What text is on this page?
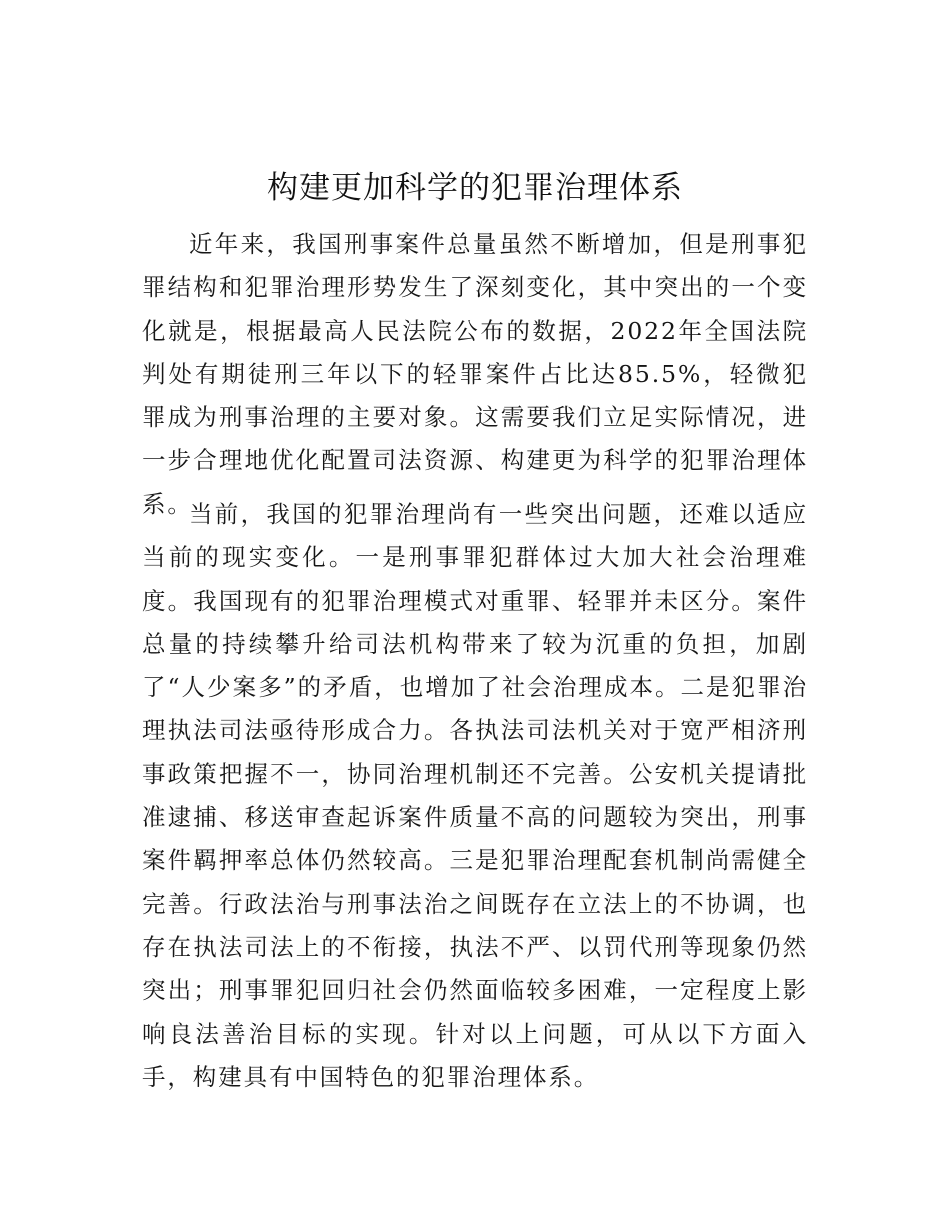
构建更加科学的犯罪治理体系

近年来，我国刑事案件总量虽然不断增加，但是刑事犯罪结构和犯罪治理形势发生了深刻变化，其中突出的一个变化就是，根据最高人民法院公布的数据，2022年全国法院判处有期徒刑三年以下的轻罪案件占比达85.5%，轻微犯罪成为刑事治理的主要对象。这需要我们立足实际情况，进一步合理地优化配置司法资源、构建更为科学的犯罪治理体系。

当前，我国的犯罪治理尚有一些突出问题，还难以适应当前的现实变化。一是刑事罪犯群体过大加大社会治理难度。我国现有的犯罪治理模式对重罪、轻罪并未区分。案件总量的持续攀升给司法机构带来了较为沉重的负担，加剧了“人少案多”的矛盾，也增加了社会治理成本。二是犯罪治理执法司法亟待形成合力。各执法司法机关对于宽严相济刑事政策把握不一，协同治理机制还不完善。公安机关提请批准逮捕、移送审查起诉案件质量不高的问题较为突出，刑事案件羁押率总体仍然较高。三是犯罪治理配套机制尚需健全完善。行政法治与刑事法治之间既存在立法上的不协调，也存在执法司法上的不衔接，执法不严、以罚代刑等现象仍然突出；刑事罪犯回归社会仍然面临较多困难，一定程度上影响良法善治目标的实现。针对以上问题，可从以下方面入手，构建具有中国特色的犯罪治理体系。
